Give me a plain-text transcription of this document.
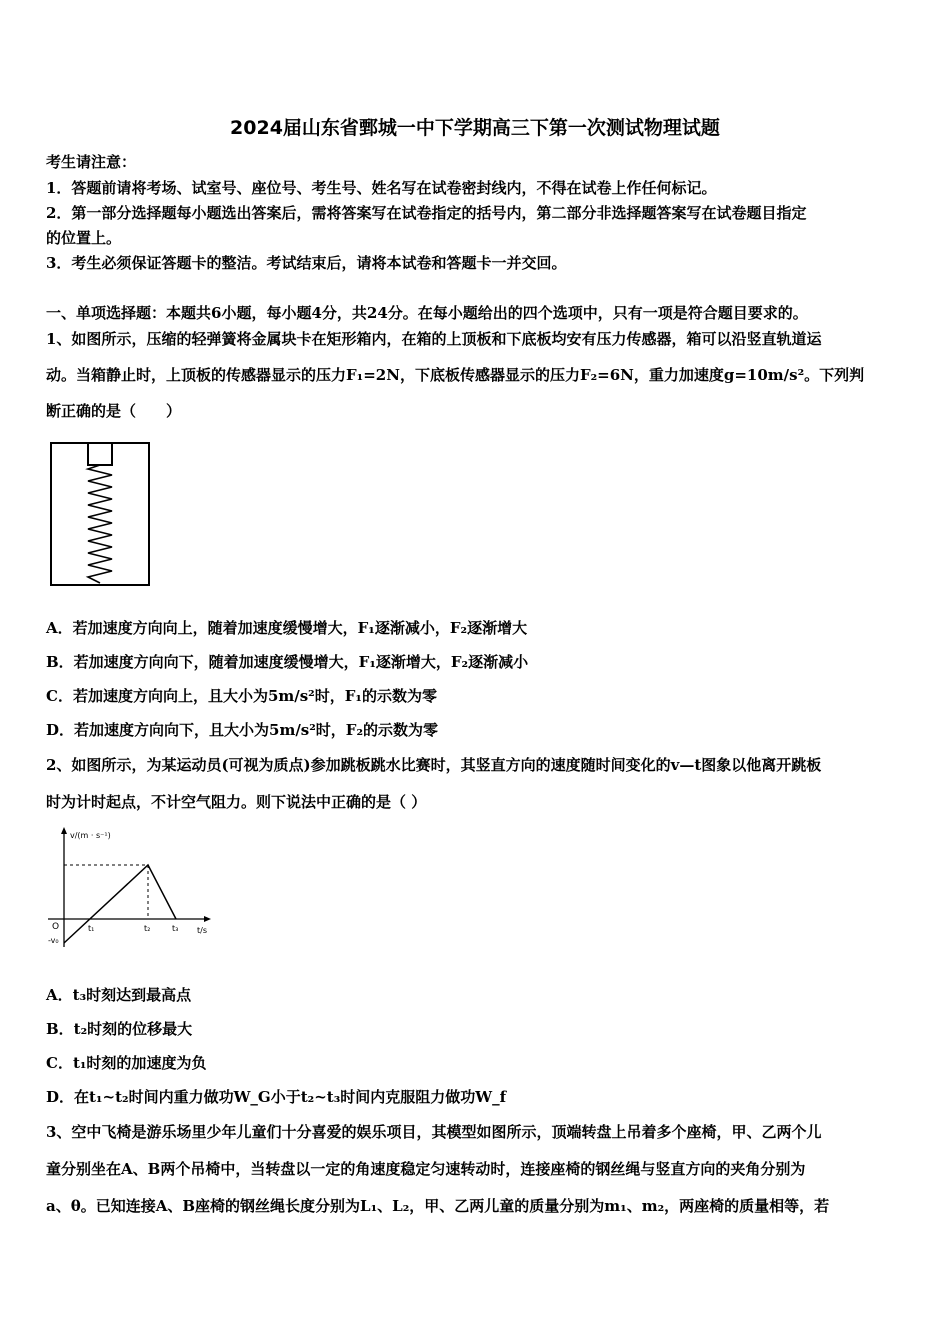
2024届山东省鄄城一中下学期高三下第一次测试物理试题
考生请注意：
1．答题前请将考场、试室号、座位号、考生号、姓名写在试卷密封线内，不得在试卷上作任何标记。
2．第一部分选择题每小题选出答案后，需将答案写在试卷指定的括号内，第二部分非选择题答案写在试卷题目指定
的位置上。
3．考生必须保证答题卡的整洁。考试结束后，请将本试卷和答题卡一并交回。
一、单项选择题：本题共6小题，每小题4分，共24分。在每小题给出的四个选项中，只有一项是符合题目要求的。
1、如图所示，压缩的轻弹簧将金属块卡在矩形箱内，在箱的上顶板和下底板均安有压力传感器，箱可以沿竖直轨道运
动。当箱静止时，上顶板的传感器显示的压力F₁=2N，下底板传感器显示的压力F₂=6N，重力加速度g=10m/s²。下列判
断正确的是（　　）
A．若加速度方向向上，随着加速度缓慢增大，F₁逐渐减小，F₂逐渐增大
B．若加速度方向向下，随着加速度缓慢增大，F₁逐渐增大，F₂逐渐减小
C．若加速度方向向上，且大小为5m/s²时，F₁的示数为零
D．若加速度方向向下，且大小为5m/s²时，F₂的示数为零
2、如图所示，为某运动员(可视为质点)参加跳板跳水比赛时，其竖直方向的速度随时间变化的v—t图象以他离开跳板
时为计时起点，不计空气阻力。则下说法中正确的是（ ）
v/(m · s⁻¹)
t/s
O
-v₀
t₁	t₂	t₃
A．t₃时刻达到最高点
B．t₂时刻的位移最大
C．t₁时刻的加速度为负
D．在t₁~t₂时间内重力做功W_G小于t₂~t₃时间内克服阻力做功W_f
3、空中飞椅是游乐场里少年儿童们十分喜爱的娱乐项目，其模型如图所示，顶端转盘上吊着多个座椅，甲、乙两个儿
童分别坐在A、B两个吊椅中，当转盘以一定的角速度稳定匀速转动时，连接座椅的钢丝绳与竖直方向的夹角分别为
a、θ。已知连接A、B座椅的钢丝绳长度分别为L₁、L₂，甲、乙两儿童的质量分别为m₁、m₂，两座椅的质量相等，若
